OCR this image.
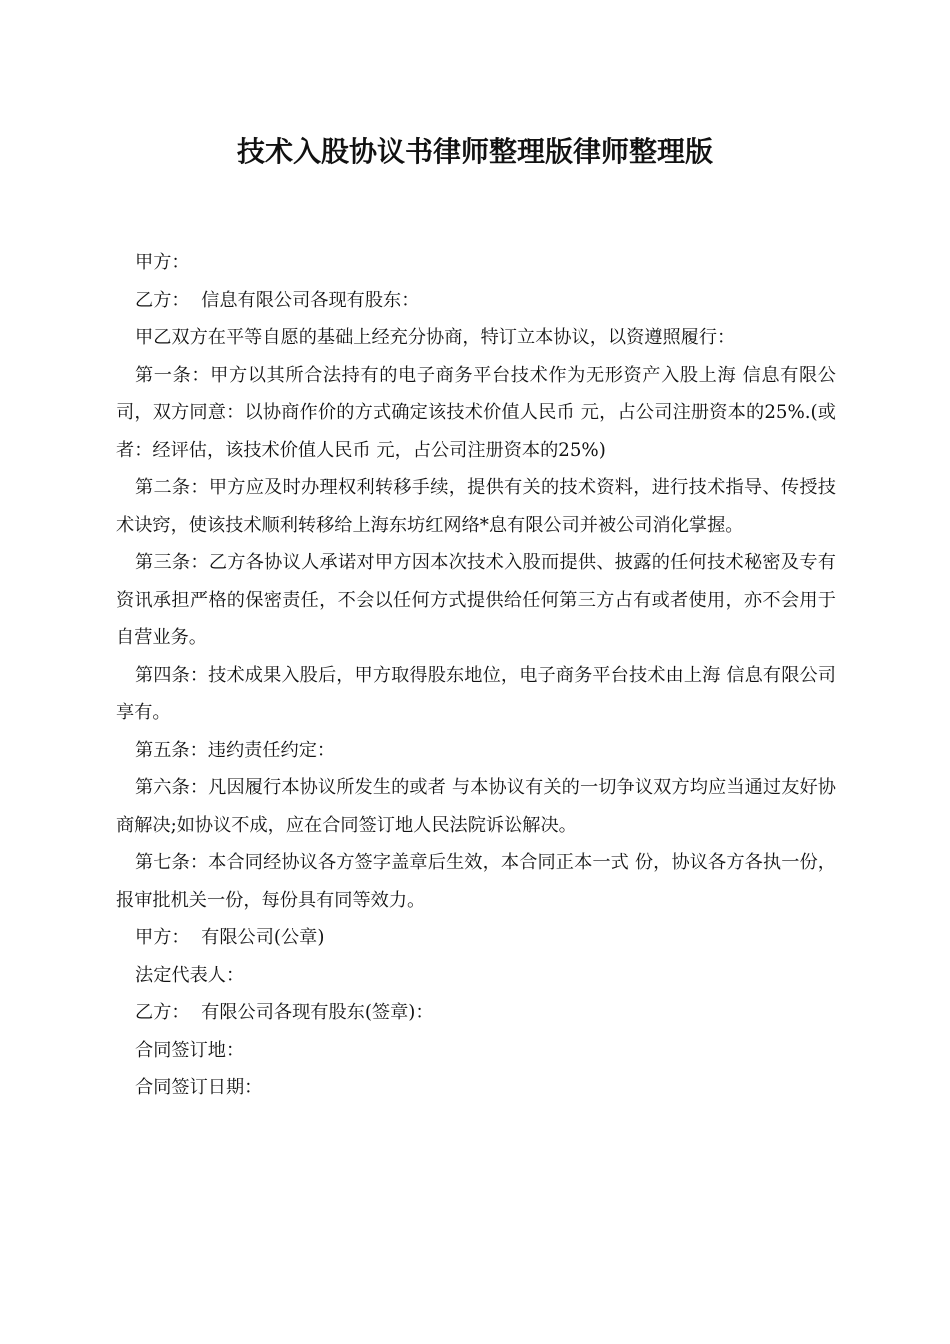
技术入股协议书律师整理版律师整理版

甲方：

乙方：  信息有限公司各现有股东：

甲乙双方在平等自愿的基础上经充分协商，特订立本协议，以资遵照履行：

第一条：甲方以其所合法持有的电子商务平台技术作为无形资产入股上海 信息有限公司，双方同意：以协商作价的方式确定该技术价值人民币 元，占公司注册资本的25%.(或者：经评估，该技术价值人民币 元，占公司注册资本的25%)

第二条：甲方应及时办理权利转移手续，提供有关的技术资料，进行技术指导、传授技术诀窍，使该技术顺利转移给上海东坊红网络*息有限公司并被公司消化掌握。

第三条：乙方各协议人承诺对甲方因本次技术入股而提供、披露的任何技术秘密及专有资讯承担严格的保密责任，不会以任何方式提供给任何第三方占有或者使用，亦不会用于自营业务。

第四条：技术成果入股后，甲方取得股东地位，电子商务平台技术由上海 信息有限公司享有。

第五条：违约责任约定：

第六条：凡因履行本协议所发生的或者 与本协议有关的一切争议双方均应当通过友好协商解决;如协议不成，应在合同签订地人民法院诉讼解决。

第七条：本合同经协议各方签字盖章后生效，本合同正本一式 份，协议各方各执一份，报审批机关一份，每份具有同等效力。

甲方：  有限公司(公章)

法定代表人：

乙方：  有限公司各现有股东(签章)：

合同签订地：

合同签订日期：
